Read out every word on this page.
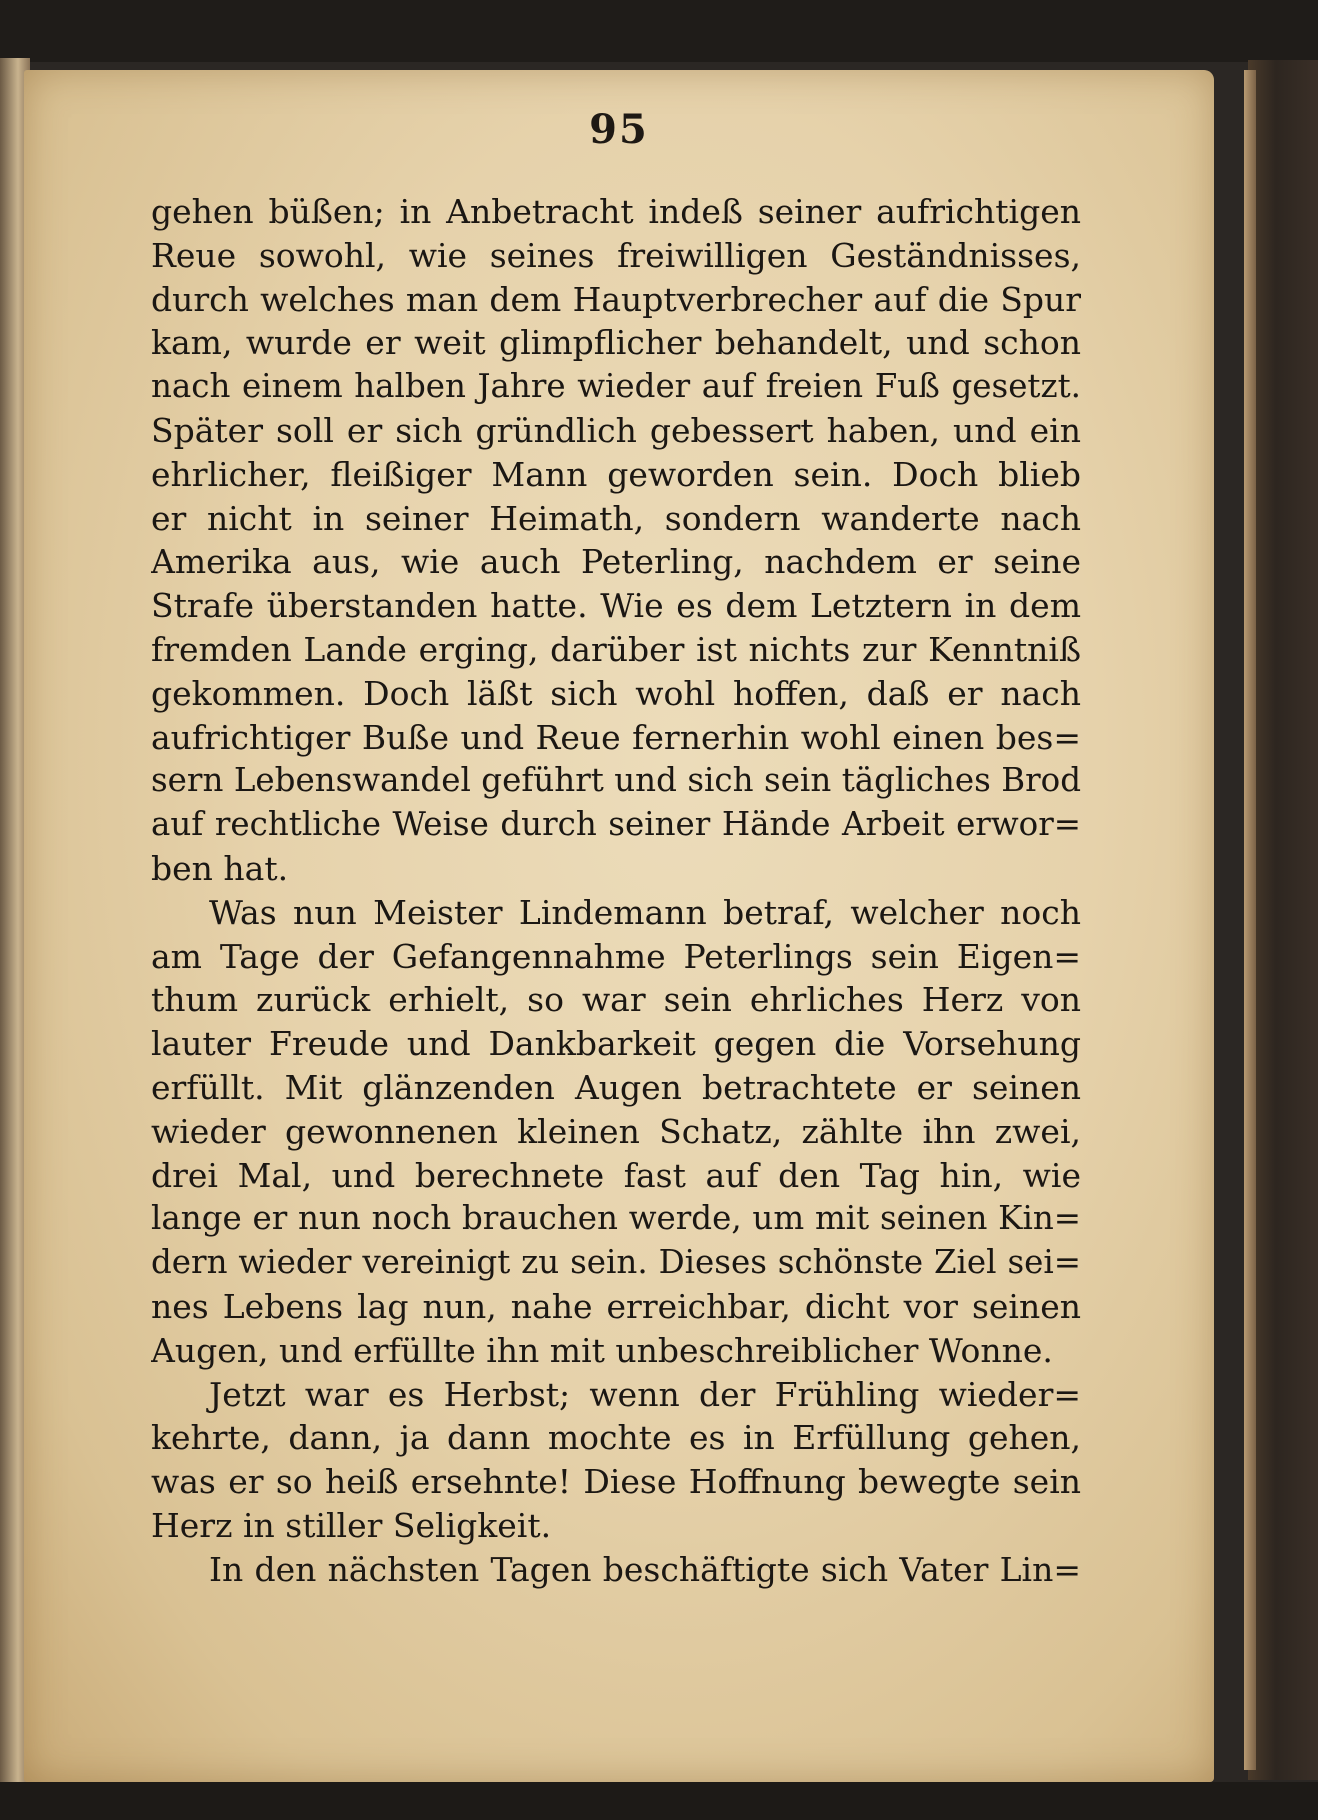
95
gehen büßen; in Anbetracht indeß seiner aufrichtigen
Reue sowohl, wie seines freiwilligen Geständnisses,
durch welches man dem Hauptverbrecher auf die Spur
kam, wurde er weit glimpflicher behandelt, und schon
nach einem halben Jahre wieder auf freien Fuß gesetzt.
Später soll er sich gründlich gebessert haben, und ein
ehrlicher, fleißiger Mann geworden sein. Doch blieb
er nicht in seiner Heimath, sondern wanderte nach
Amerika aus, wie auch Peterling, nachdem er seine
Strafe überstanden hatte. Wie es dem Letztern in dem
fremden Lande erging, darüber ist nichts zur Kenntniß
gekommen. Doch läßt sich wohl hoffen, daß er nach
aufrichtiger Buße und Reue fernerhin wohl einen bes=
sern Lebenswandel geführt und sich sein tägliches Brod
auf rechtliche Weise durch seiner Hände Arbeit erwor=
ben hat.
Was nun Meister Lindemann betraf, welcher noch
am Tage der Gefangennahme Peterlings sein Eigen=
thum zurück erhielt, so war sein ehrliches Herz von
lauter Freude und Dankbarkeit gegen die Vorsehung
erfüllt. Mit glänzenden Augen betrachtete er seinen
wieder gewonnenen kleinen Schatz, zählte ihn zwei,
drei Mal, und berechnete fast auf den Tag hin, wie
lange er nun noch brauchen werde, um mit seinen Kin=
dern wieder vereinigt zu sein. Dieses schönste Ziel sei=
nes Lebens lag nun, nahe erreichbar, dicht vor seinen
Augen, und erfüllte ihn mit unbeschreiblicher Wonne.
Jetzt war es Herbst; wenn der Frühling wieder=
kehrte, dann, ja dann mochte es in Erfüllung gehen,
was er so heiß ersehnte! Diese Hoffnung bewegte sein
Herz in stiller Seligkeit.
In den nächsten Tagen beschäftigte sich Vater Lin=
